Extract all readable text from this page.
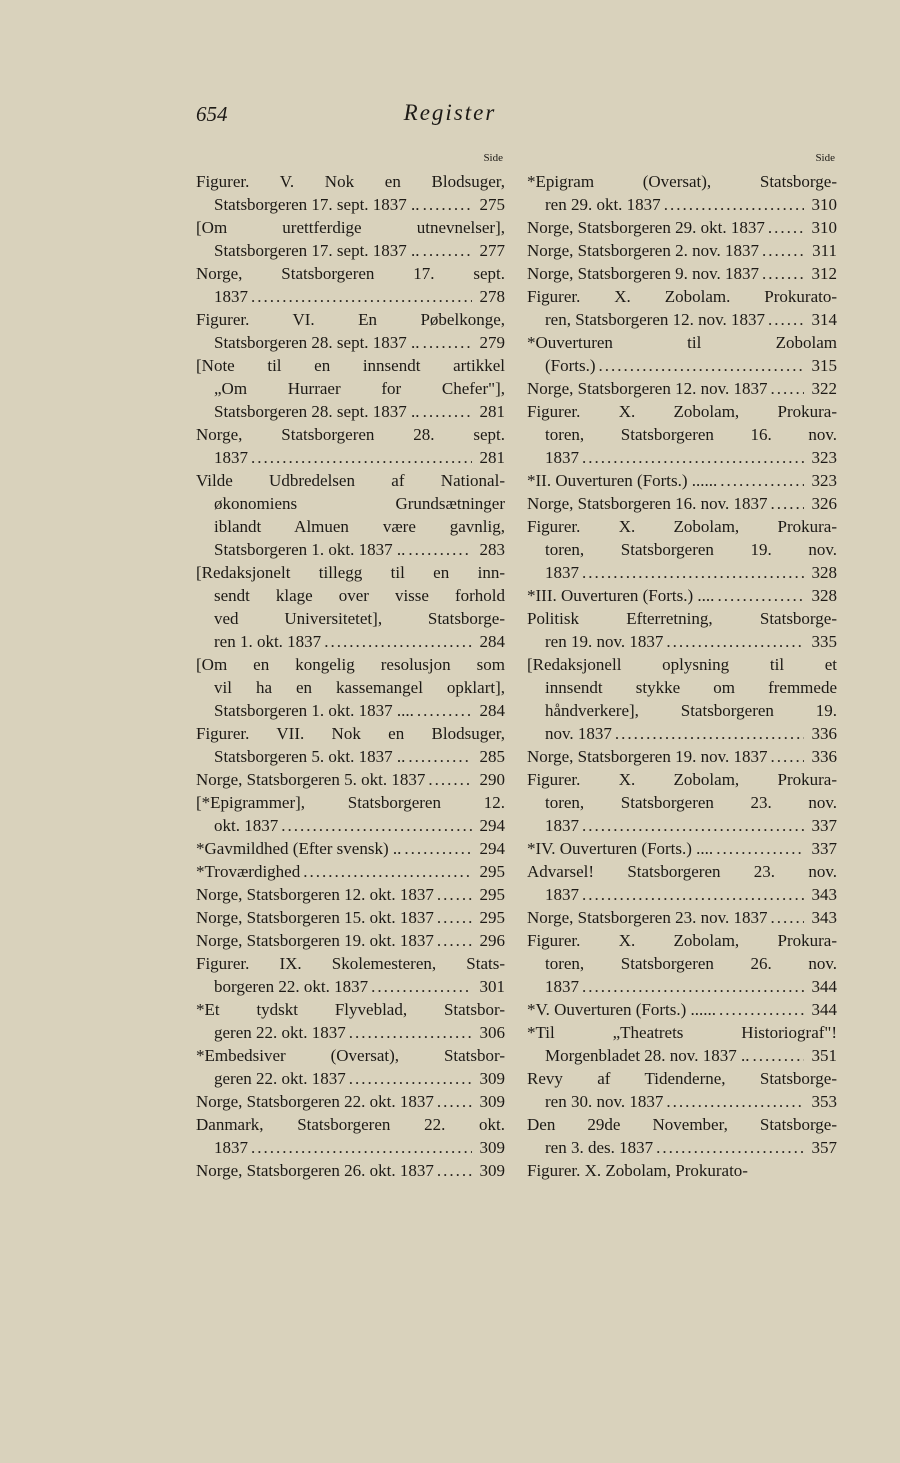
654	Register
Side
Figurer. V. Nok en Blodsuger,
Statsborgeren 17. sept. 1837 .. .....	275
[Om urettferdige utnevnelser],
Statsborgeren 17. sept. 1837 .. .....	277
Norge, Statsborgeren 17. sept.
1837 .....	278
Figurer. VI. En Pøbelkonge,
Statsborgeren 28. sept. 1837 .. .....	279
[Note til en innsendt artikkel
„Om Hurraer for Chefer"],
Statsborgeren 28. sept. 1837 .. .....	281
Norge, Statsborgeren 28. sept.
1837 .....	281
Vilde Udbredelsen af National-
økonomiens Grundsætninger
iblandt Almuen være gavnlig,
Statsborgeren 1. okt. 1837 .. .....	283
[Redaksjonelt tillegg til en inn-
sendt klage over visse forhold
ved Universitetet], Statsborge-
ren 1. okt. 1837 .....	284
[Om en kongelig resolusjon som
vil ha en kassemangel opklart],
Statsborgeren 1. okt. 1837 .... .....	284
Figurer. VII. Nok en Blodsuger,
Statsborgeren 5. okt. 1837 .. .....	285
Norge, Statsborgeren 5. okt. 1837 .....	290
[*Epigrammer], Statsborgeren 12.
okt. 1837 .....	294
*Gavmildhed (Efter svensk) .. .....	294
*Troværdighed .....	295
Norge, Statsborgeren 12. okt. 1837 .....	295
Norge, Statsborgeren 15. okt. 1837 .....	295
Norge, Statsborgeren 19. okt. 1837 .....	296
Figurer. IX. Skolemesteren, Stats-
borgeren 22. okt. 1837 .....	301
*Et tydskt Flyveblad, Statsbor-
geren 22. okt. 1837 .....	306
*Embedsiver (Oversat), Statsbor-
geren 22. okt. 1837 .....	309
Norge, Statsborgeren 22. okt. 1837 .....	309
Danmark, Statsborgeren 22. okt.
1837 .....	309
Norge, Statsborgeren 26. okt. 1837 .....	309
Side
*Epigram (Oversat), Statsborge-
ren 29. okt. 1837 .....	310
Norge, Statsborgeren 29. okt. 1837 .....	310
Norge, Statsborgeren 2. nov. 1837 .....	311
Norge, Statsborgeren 9. nov. 1837 .....	312
Figurer. X. Zobolam. Prokurato-
ren, Statsborgeren 12. nov. 1837 .....	314
*Ouverturen til Zobolam
(Forts.) .....	315
Norge, Statsborgeren 12. nov. 1837 .....	322
Figurer. X. Zobolam, Prokura-
toren, Statsborgeren 16. nov.
1837 .....	323
*II. Ouverturen (Forts.) ...... .....	323
Norge, Statsborgeren 16. nov. 1837 .....	326
Figurer. X. Zobolam, Prokura-
toren, Statsborgeren 19. nov.
1837 .....	328
*III. Ouverturen (Forts.) .... .....	328
Politisk Efterretning, Statsborge-
ren 19. nov. 1837 .....	335
[Redaksjonell oplysning til et
innsendt stykke om fremmede
håndverkere], Statsborgeren 19.
nov. 1837 .....	336
Norge, Statsborgeren 19. nov. 1837 .....	336
Figurer. X. Zobolam, Prokura-
toren, Statsborgeren 23. nov.
1837 .....	337
*IV. Ouverturen (Forts.) .... .....	337
Advarsel! Statsborgeren 23. nov.
1837 .....	343
Norge, Statsborgeren 23. nov. 1837 .....	343
Figurer. X. Zobolam, Prokura-
toren, Statsborgeren 26. nov.
1837 .....	344
*V. Ouverturen (Forts.) ...... .....	344
*Til „Theatrets Historiograf"!
Morgenbladet 28. nov. 1837 .. .....	351
Revy af Tidenderne, Statsborge-
ren 30. nov. 1837 .....	353
Den 29de November, Statsborge-
ren 3. des. 1837 .....	357
Figurer. X. Zobolam, Prokurato-
